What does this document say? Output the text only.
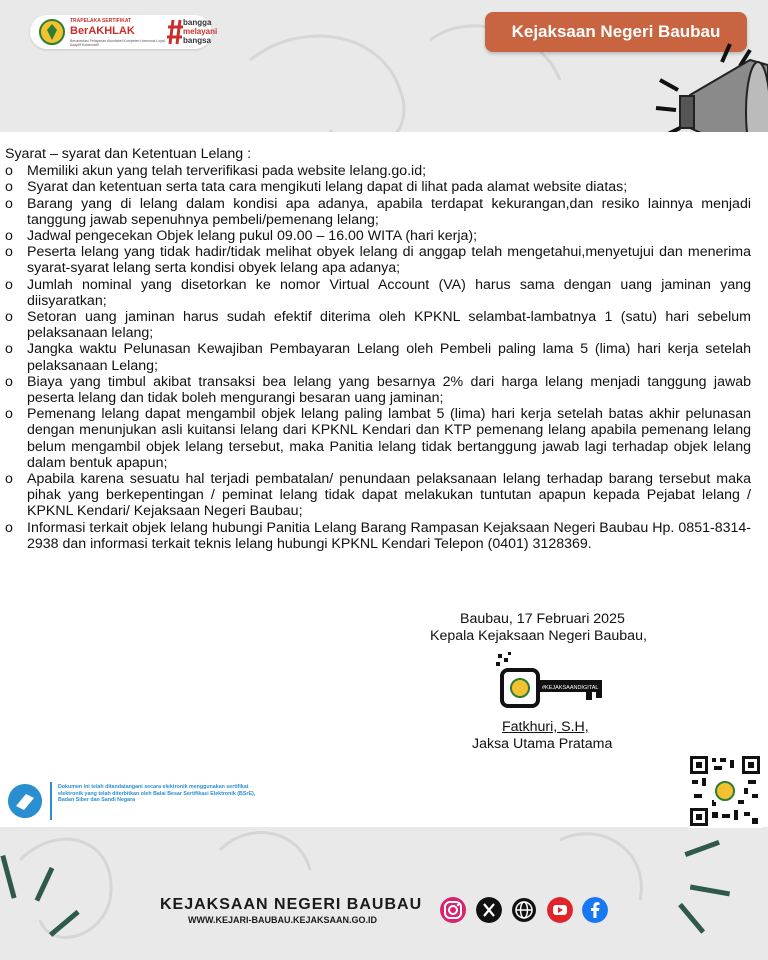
TRAPELAKA SERTIFIKAT
BerAKHLAK
Berorientasi Pelayanan Akuntabel Kompeten Harmonis Loyal Adaptif Kolaboratif
bangga
melayani
bangsa	Kejaksaan Negeri Baubau
Syarat – syarat dan Ketentuan Lelang :
o Memiliki akun yang telah terverifikasi pada website lelang.go.id;
o Syarat dan ketentuan serta tata cara mengikuti lelang dapat di lihat pada alamat website diatas;
o Barang yang di lelang dalam kondisi apa adanya, apabila terdapat kekurangan,dan resiko lainnya menjadi tanggung jawab sepenuhnya pembeli/pemenang lelang;
o Jadwal pengecekan Objek lelang pukul 09.00 – 16.00 WITA (hari kerja);
o Peserta lelang yang tidak hadir/tidak melihat obyek lelang di anggap telah mengetahui,menyetujui dan menerima syarat-syarat lelang serta kondisi obyek lelang apa adanya;
o Jumlah nominal yang disetorkan ke nomor Virtual Account (VA) harus sama dengan uang jaminan yang diisyaratkan;
o Setoran uang jaminan harus sudah efektif diterima oleh KPKNL selambat-lambatnya 1 (satu) hari sebelum pelaksanaan lelang;
o Jangka waktu Pelunasan Kewajiban Pembayaran Lelang oleh Pembeli paling lama 5 (lima) hari kerja setelah pelaksanaan Lelang;
o Biaya yang timbul akibat transaksi bea lelang yang besarnya 2% dari harga lelang menjadi tanggung jawab peserta lelang dan tidak boleh mengurangi besaran uang jaminan;
o Pemenang lelang dapat mengambil objek lelang paling lambat 5 (lima) hari kerja setelah batas akhir pelunasan dengan menunjukan asli kuitansi lelang dari KPKNL Kendari dan KTP pemenang lelang apabila pemenang lelang belum mengambil objek lelang tersebut, maka Panitia lelang tidak bertanggung jawab lagi terhadap objek lelang dalam bentuk apapun;
o Apabila karena sesuatu hal terjadi pembatalan/ penundaan pelaksanaan lelang terhadap barang tersebut maka pihak yang berkepentingan / peminat lelang tidak dapat melakukan tuntutan apapun kepada Pejabat lelang / KPKNL Kendari/ Kejaksaan Negeri Baubau;
o Informasi terkait objek lelang hubungi Panitia Lelang Barang Rampasan Kejaksaan Negeri Baubau Hp. 0851-8314-2938 dan informasi terkait teknis lelang hubungi KPKNL Kendari Telepon (0401) 3128369.
Baubau, 17 Februari 2025
Kepala Kejaksaan Negeri Baubau,
Fatkhuri, S.H,
Jaksa Utama Pratama
#KEJAKSAANDIGITAL
Dokumen ini telah ditandatangani secara elektronik menggunakan sertifikat elektronik yang telah diterbitkan oleh Balai Besar Sertifikasi Elektronik (BSrE), Badan Siber dan Sandi Negara
KEJAKSAAN NEGERI BAUBAU
WWW.KEJARI-BAUBAU.KEJAKSAAN.GO.ID
